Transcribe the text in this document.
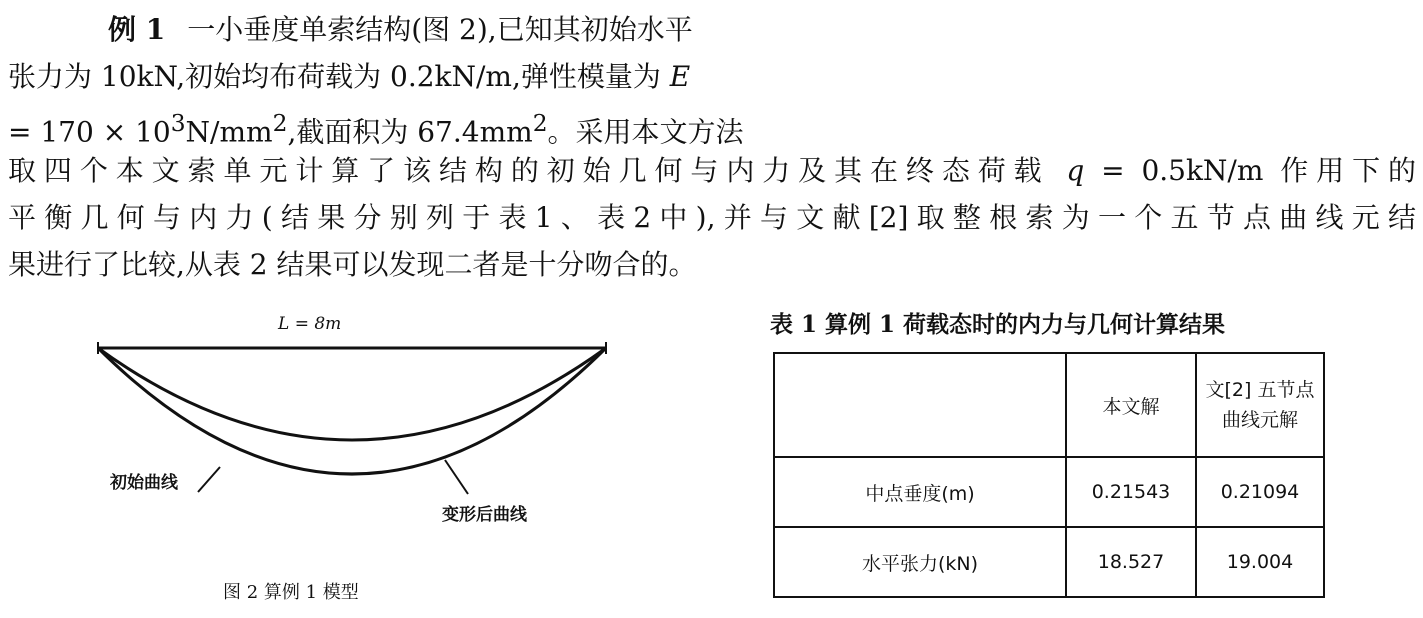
例 1 一小垂度单索结构(图 2),已知其初始水平
张力为 10kN,初始均布荷载为 0.2kN/m,弹性模量为 E
= $170 \times 10^3N/mm^2$,截面积为 $67.4mm^2$。采用本文方法
取四个本文索单元计算了该结构的初始几何与内力及其在终态荷载 q = 0.5kN/m 作用下的
平衡几何与内力(结果分别列于表1、表2中),并与文献[2]取整根索为一个五节点曲线元结
果进行了比较,从表 2 结果可以发现二者是十分吻合的。
L = 8m
初始曲线
变形后曲线
图 2 算例 1 模型
表 1 算例 1 荷载态时的内力与几何计算结果
	本文解	文[2] 五节点
曲线元解

中点垂度(m)	0.21543	0.21094
水平张力(kN)	18.527	19.004
